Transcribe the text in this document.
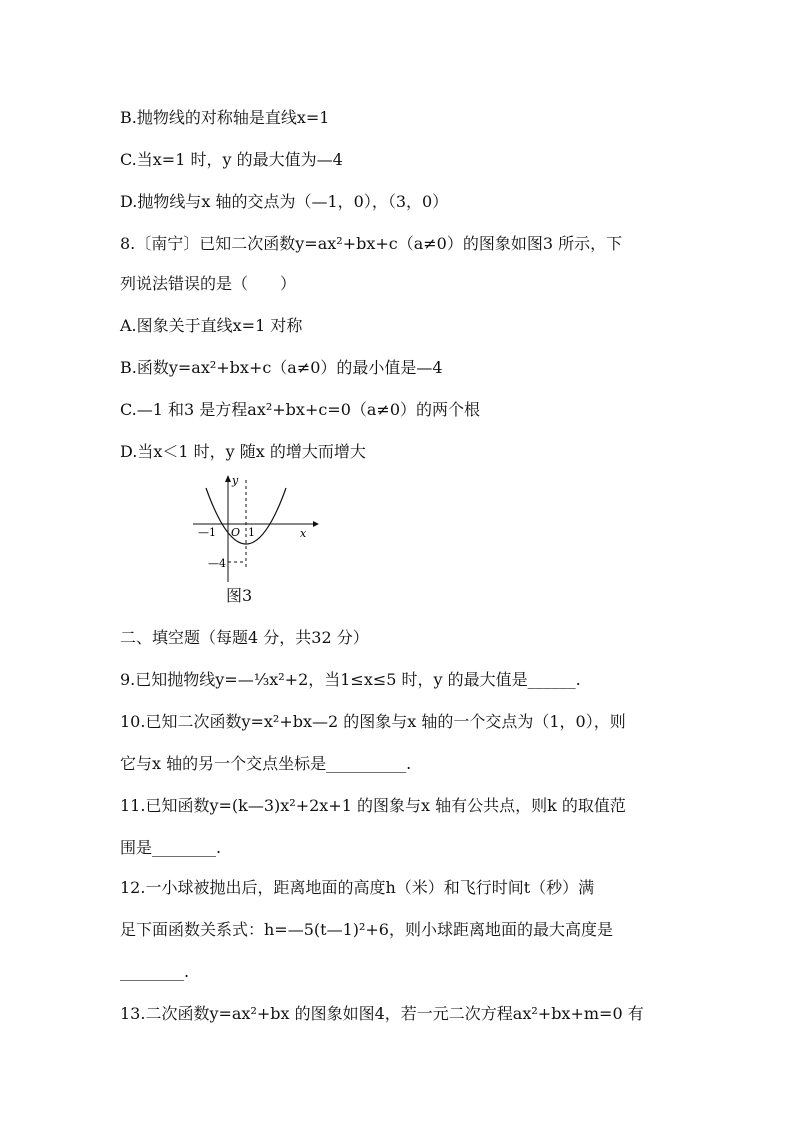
B.抛物线的对称轴是直线x=1
C.当x=1 时，y 的最大值为—4
D.抛物线与x 轴的交点为（—1，0），（3，0）
8.〔南宁〕已知二次函数y=ax²+bx+c（a≠0）的图象如图3 所示，下
列说法错误的是（　　）
A.图象关于直线x=1 对称
B.函数y=ax²+bx+c（a≠0）的最小值是—4
C.—1 和3 是方程ax²+bx+c=0（a≠0）的两个根
D.当x＜1 时，y 随x 的增大而增大
y
x
O
—1	1
—4
图3
二、填空题（每题4 分，共32 分）
9.已知抛物线y=—⅓x²+2，当1≤x≤5 时，y 的最大值是______.
10.已知二次函数y=x²+bx—2 的图象与x 轴的一个交点为（1，0），则
它与x 轴的另一个交点坐标是__________.
11.已知函数y=(k—3)x²+2x+1 的图象与x 轴有公共点，则k 的取值范
围是________.
12.一小球被抛出后，距离地面的高度h（米）和飞行时间t（秒）满
足下面函数关系式：h=—5(t—1)²+6，则小球距离地面的最大高度是
________.
13.二次函数y=ax²+bx 的图象如图4，若一元二次方程ax²+bx+m=0 有
